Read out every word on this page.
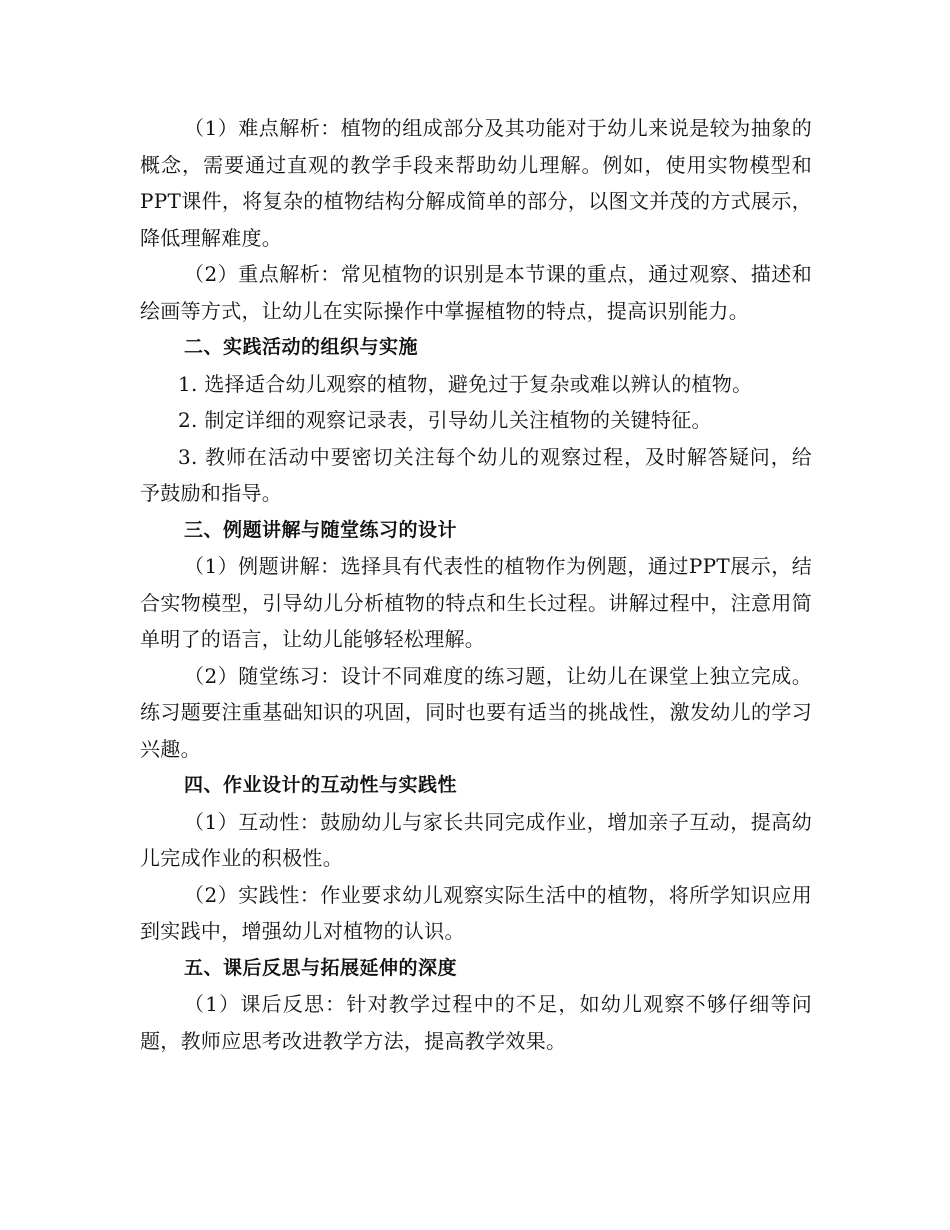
（1）难点解析：植物的组成部分及其功能对于幼儿来说是较为抽象的概念，需要通过直观的教学手段来帮助幼儿理解。例如，使用实物模型和PPT课件，将复杂的植物结构分解成简单的部分，以图文并茂的方式展示，降低理解难度。

（2）重点解析：常见植物的识别是本节课的重点，通过观察、描述和绘画等方式，让幼儿在实际操作中掌握植物的特点，提高识别能力。

二、实践活动的组织与实施

1. 选择适合幼儿观察的植物，避免过于复杂或难以辨认的植物。

2. 制定详细的观察记录表，引导幼儿关注植物的关键特征。

3. 教师在活动中要密切关注每个幼儿的观察过程，及时解答疑问，给予鼓励和指导。

三、例题讲解与随堂练习的设计

（1）例题讲解：选择具有代表性的植物作为例题，通过PPT展示，结合实物模型，引导幼儿分析植物的特点和生长过程。讲解过程中，注意用简单明了的语言，让幼儿能够轻松理解。

（2）随堂练习：设计不同难度的练习题，让幼儿在课堂上独立完成。练习题要注重基础知识的巩固，同时也要有适当的挑战性，激发幼儿的学习兴趣。

四、作业设计的互动性与实践性

（1）互动性：鼓励幼儿与家长共同完成作业，增加亲子互动，提高幼儿完成作业的积极性。

（2）实践性：作业要求幼儿观察实际生活中的植物，将所学知识应用到实践中，增强幼儿对植物的认识。

五、课后反思与拓展延伸的深度

（1）课后反思：针对教学过程中的不足，如幼儿观察不够仔细等问题，教师应思考改进教学方法，提高教学效果。
